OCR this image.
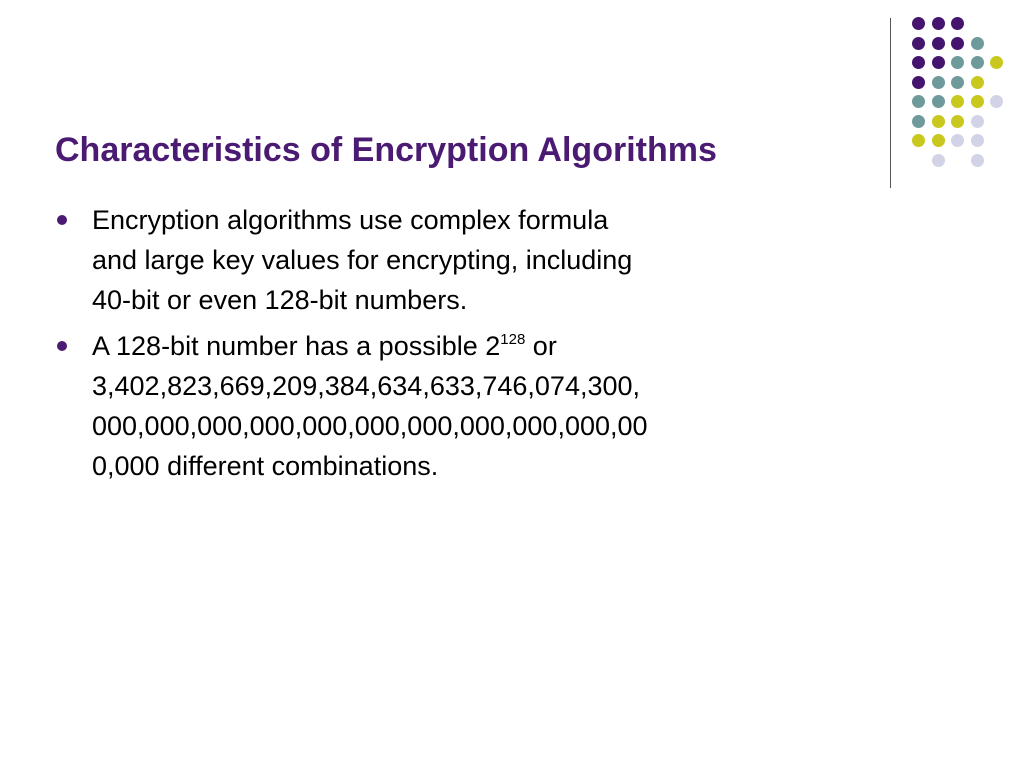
Characteristics of Encryption Algorithms
Encryption algorithms use complex formula
and large key values for encrypting, including
40-bit or even 128-bit numbers.
A 128-bit number has a possible $2^{128}$ or
3,402,823,669,209,384,634,633,746,074,300,
000,000,000,000,000,000,000,000,000,000,00
0,000 different combinations.
